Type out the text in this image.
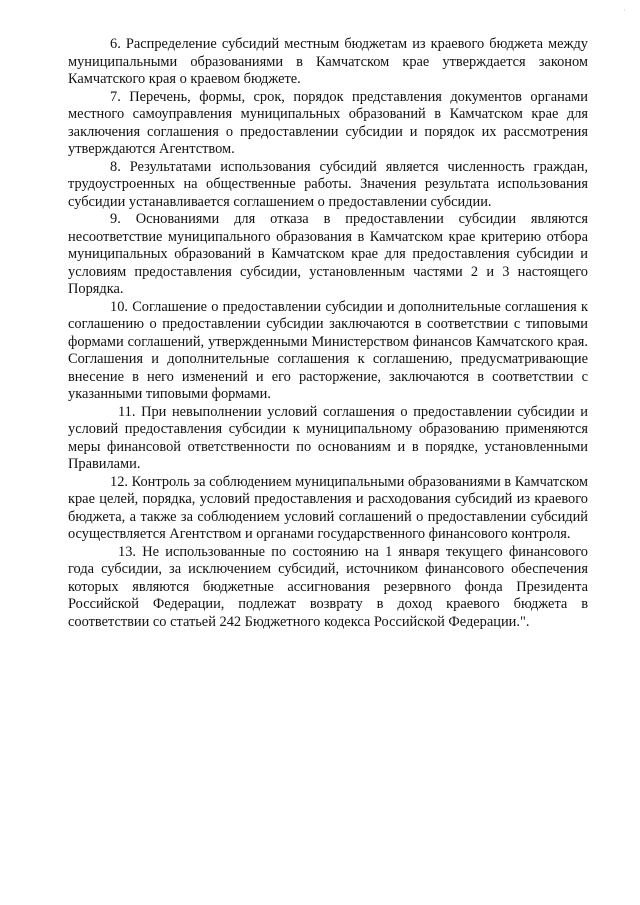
·

6. Распределение субсидий местным бюджетам из краевого бюджета между муниципальными образованиями в Камчатском крае утверждается законом Камчатского края о краевом бюджете.

7. Перечень, формы, срок, порядок представления документов органами местного самоуправления муниципальных образований в Камчатском крае для заключения соглашения о предоставлении субсидии и порядок их рассмотрения утверждаются Агентством.

8. Результатами использования субсидий является численность граждан, трудоустроенных на общественные работы. Значения результата использования субсидии устанавливается соглашением о предоставлении субсидии.

9. Основаниями для отказа в предоставлении субсидии являются несоответствие муниципального образования в Камчатском крае критерию отбора муниципальных образований в Камчатском крае для предоставления субсидии и условиям предоставления субсидии, установленным частями 2 и 3 настоящего Порядка.

10. Соглашение о предоставлении субсидии и дополнительные соглашения к соглашению о предоставлении субсидии заключаются в соответствии с типовыми формами соглашений, утвержденными Министерством финансов Камчатского края. Соглашения и дополнительные соглашения к соглашению, предусматривающие внесение в него изменений и его расторжение, заключаются в соответствии с указанными типовыми формами.

11. При невыполнении условий соглашения о предоставлении субсидии и условий предоставления субсидии к муниципальному образованию применяются меры финансовой ответственности по основаниям и в порядке, установленными Правилами.

12. Контроль за соблюдением муниципальными образованиями в Камчатском крае целей, порядка, условий предоставления и расходования субсидий из краевого бюджета, а также за соблюдением условий соглашений о предоставлении субсидий осуществляется Агентством и органами государственного финансового контроля.

13. Не использованные по состоянию на 1 января текущего финансового года субсидии, за исключением субсидий, источником финансового обеспечения которых являются бюджетные ассигнования резервного фонда Президента Российской Федерации, подлежат возврату в доход краевого бюджета в соответствии со статьей 242 Бюджетного кодекса Российской Федерации.".
